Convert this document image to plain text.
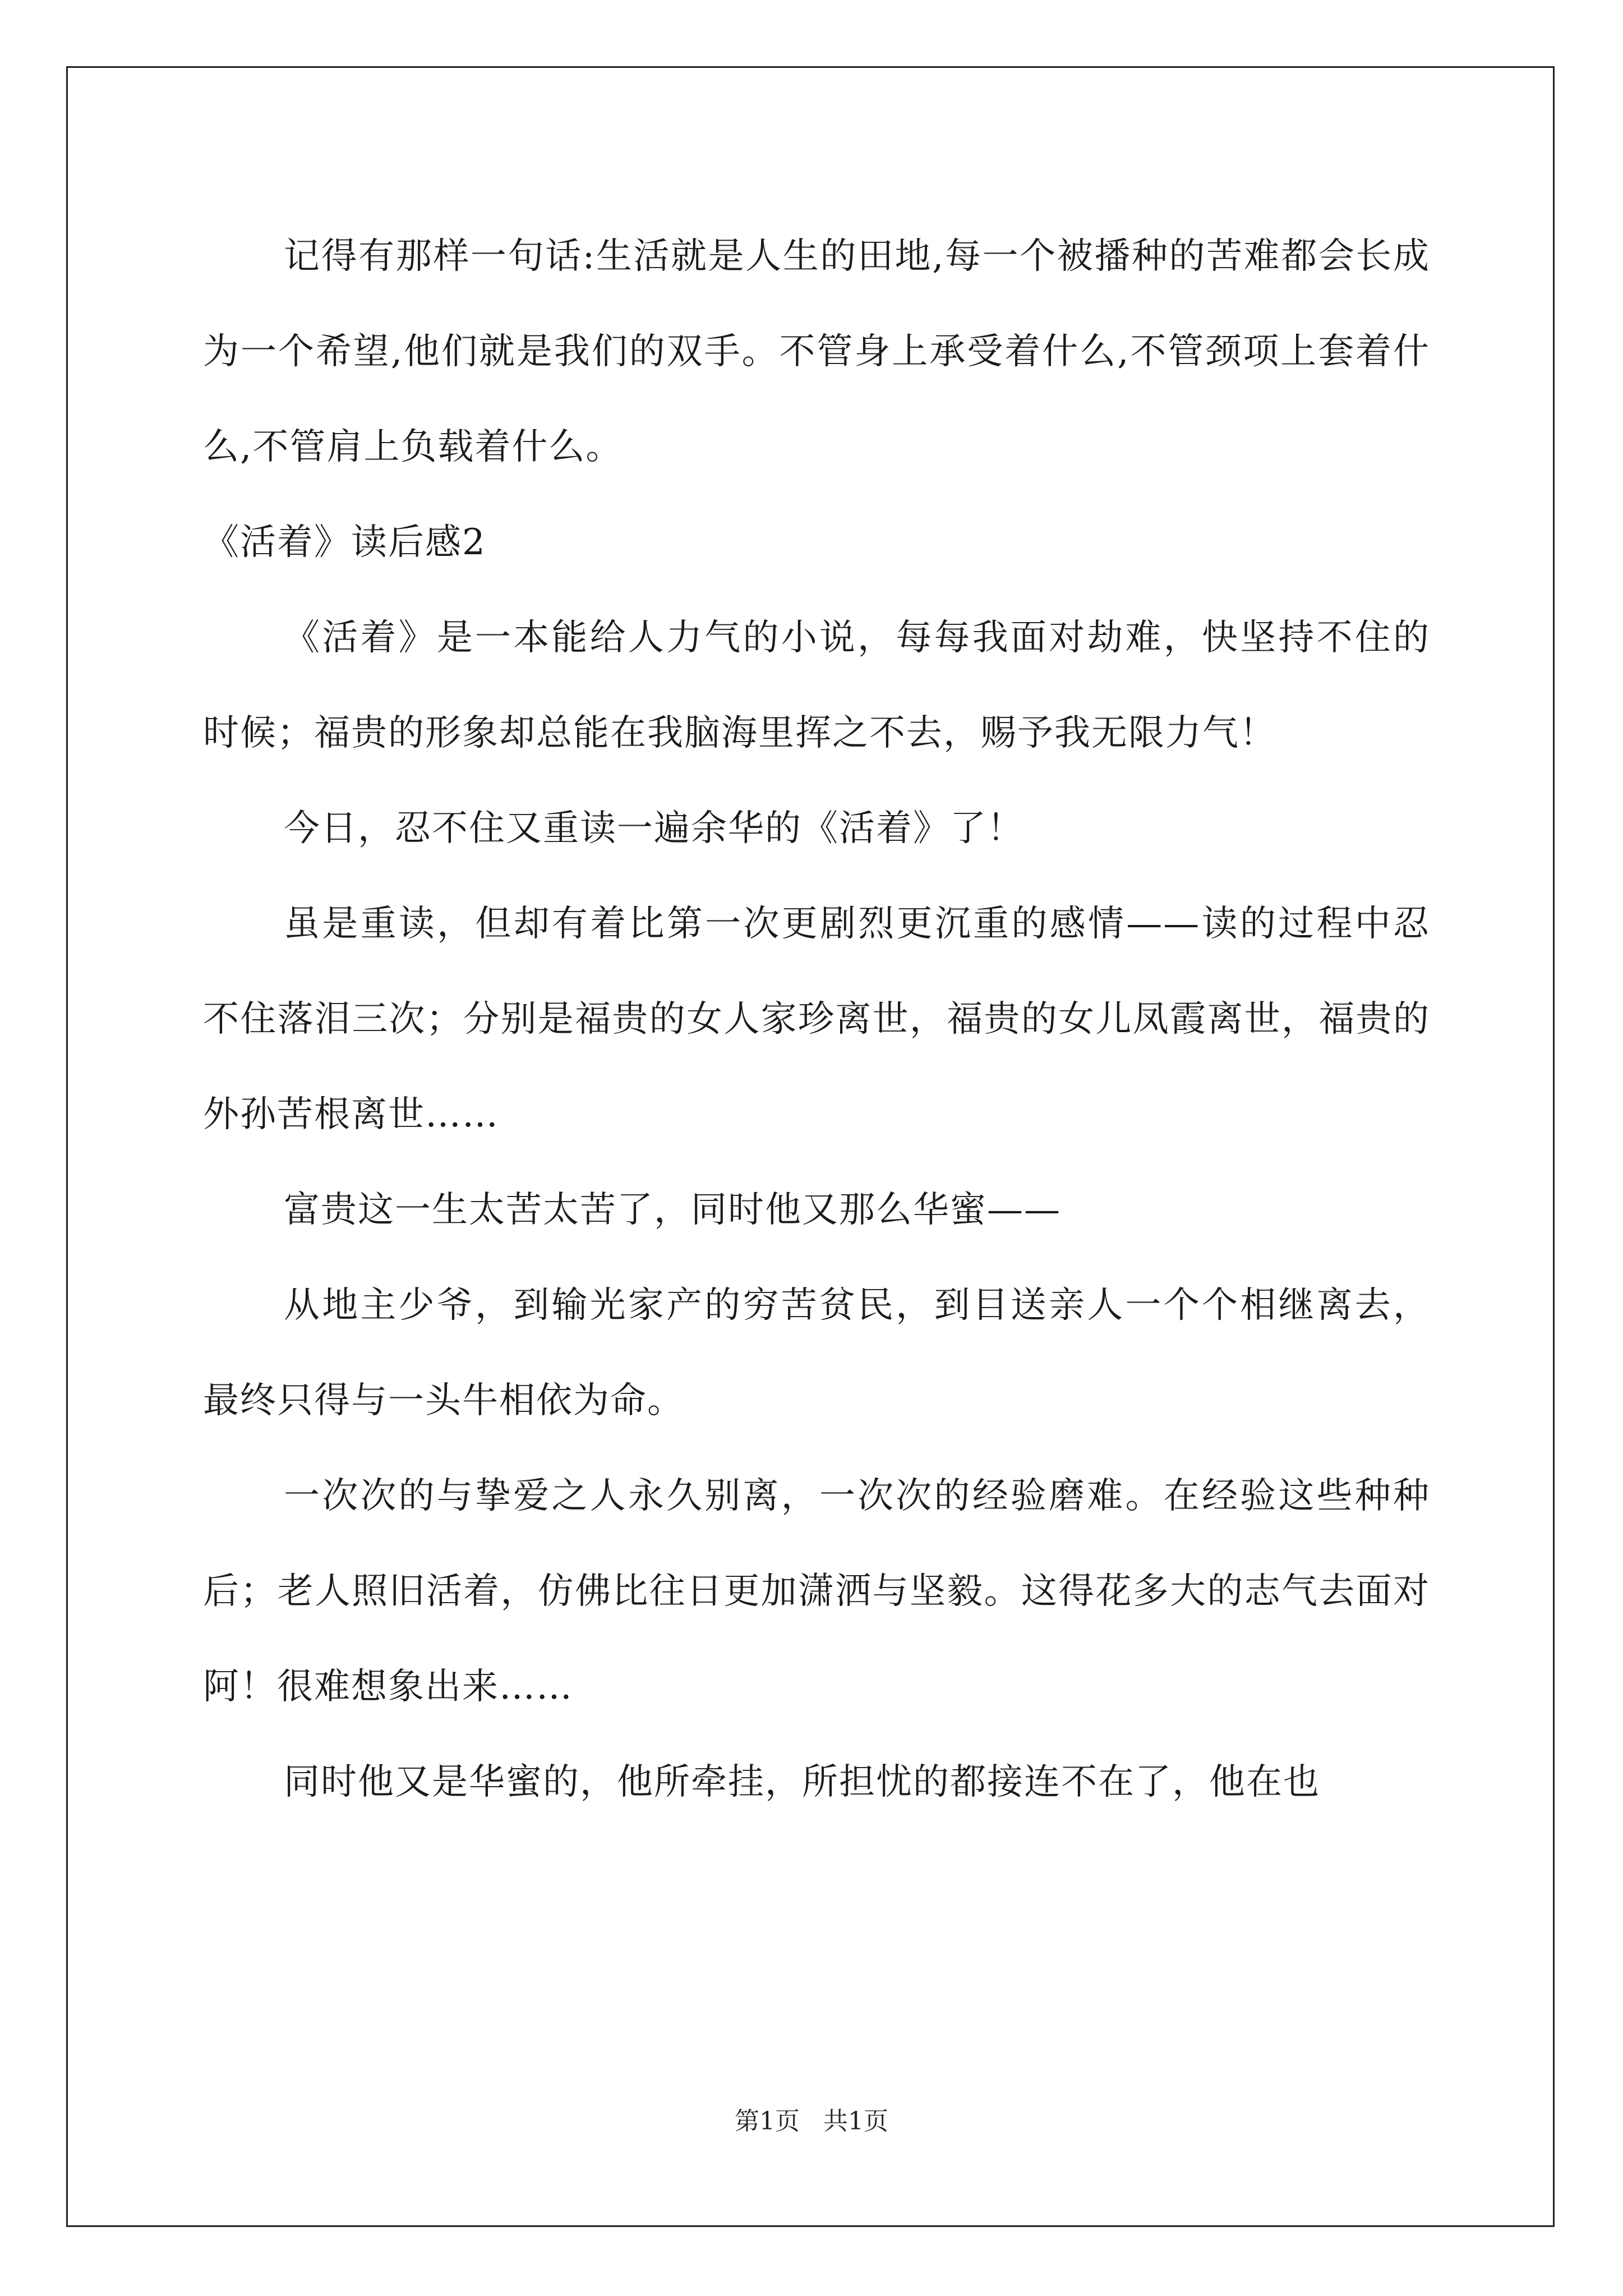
记得有那样一句话:生活就是人生的田地,每一个被播种的苦难都会长成为一个希望,他们就是我们的双手。不管身上承受着什么,不管颈项上套着什么,不管肩上负载着什么。

《活着》读后感2

《活着》是一本能给人力气的小说，每每我面对劫难，快坚持不住的时候；福贵的形象却总能在我脑海里挥之不去，赐予我无限力气！

今日，忍不住又重读一遍余华的《活着》了！

虽是重读，但却有着比第一次更剧烈更沉重的感情——读的过程中忍不住落泪三次；分别是福贵的女人家珍离世，福贵的女儿凤霞离世，福贵的外孙苦根离世……

富贵这一生太苦太苦了，同时他又那么华蜜——

从地主少爷，到输光家产的穷苦贫民，到目送亲人一个个相继离去，最终只得与一头牛相依为命。

一次次的与挚爱之人永久别离，一次次的经验磨难。在经验这些种种后；老人照旧活着，仿佛比往日更加潇洒与坚毅。这得花多大的志气去面对阿！很难想象出来……

同时他又是华蜜的，他所牵挂，所担忧的都接连不在了，他在也

第1页 共1页
